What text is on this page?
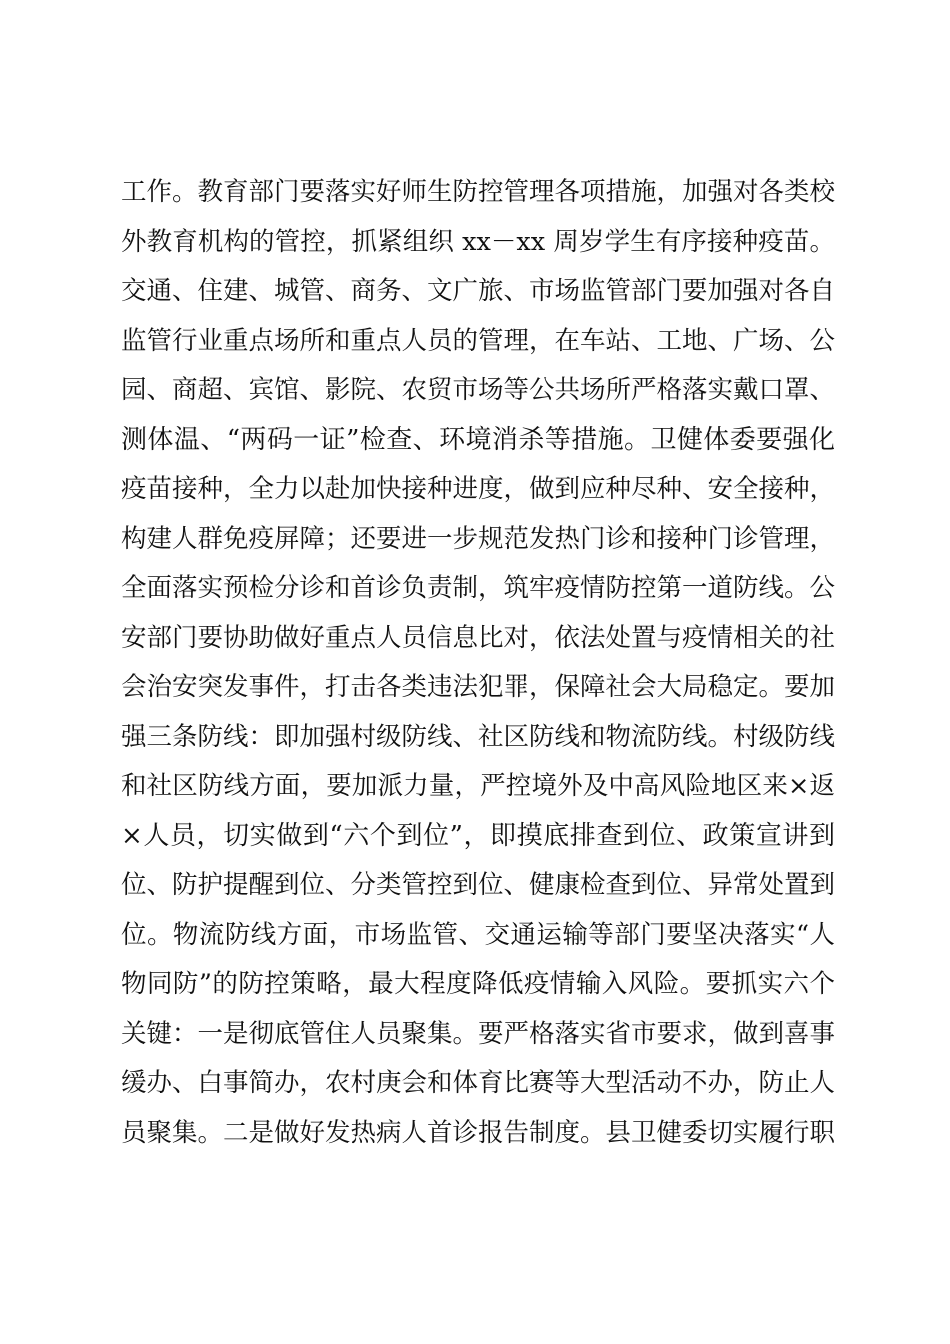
工作。教育部门要落实好师生防控管理各项措施，加强对各类校
外教育机构的管控，抓紧组织 xx－xx 周岁学生有序接种疫苗。
交通、住建、城管、商务、文广旅、市场监管部门要加强对各自
监管行业重点场所和重点人员的管理，在车站、工地、广场、公
园、商超、宾馆、影院、农贸市场等公共场所严格落实戴口罩、
测体温、“两码一证”检查、环境消杀等措施。卫健体委要强化
疫苗接种，全力以赴加快接种进度，做到应种尽种、安全接种，
构建人群免疫屏障；还要进一步规范发热门诊和接种门诊管理，
全面落实预检分诊和首诊负责制，筑牢疫情防控第一道防线。公
安部门要协助做好重点人员信息比对，依法处置与疫情相关的社
会治安突发事件，打击各类违法犯罪，保障社会大局稳定。要加
强三条防线：即加强村级防线、社区防线和物流防线。村级防线
和社区防线方面，要加派力量，严控境外及中高风险地区来×返
×人员，切实做到“六个到位”，即摸底排查到位、政策宣讲到
位、防护提醒到位、分类管控到位、健康检查到位、异常处置到
位。物流防线方面，市场监管、交通运输等部门要坚决落实“人
物同防”的防控策略，最大程度降低疫情输入风险。要抓实六个
关键：一是彻底管住人员聚集。要严格落实省市要求，做到喜事
缓办、白事简办，农村庚会和体育比赛等大型活动不办，防止人
员聚集。二是做好发热病人首诊报告制度。县卫健委切实履行职
